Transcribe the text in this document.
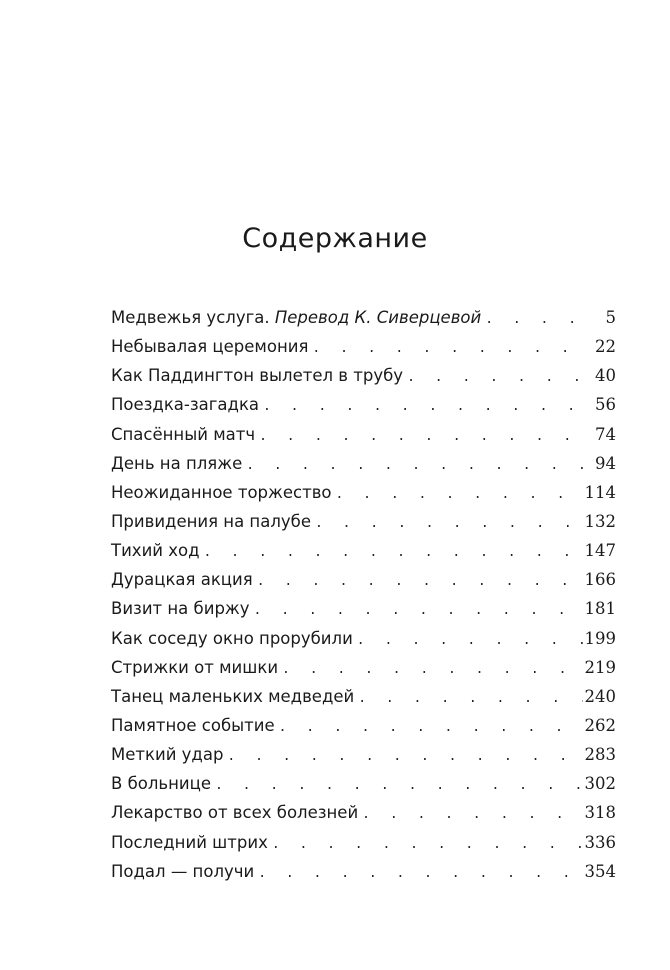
Содержание
Медвежья услуга. Перевод К. Сиверцевой . . .	5
Небывалая церемония . . .	22
Как Паддингтон вылетел в трубу . . .	40
Поездка-загадка . . .	56
Спасённый матч . . .	74
День на пляже . . .	94
Неожиданное торжество . . .	114
Привидения на палубе . . .	132
Тихий ход . . .	147
Дурацкая акция . . .	166
Визит на биржу . . .	181
Как соседу окно прорубили . . .	199
Стрижки от мишки . . .	219
Танец маленьких медведей . . .	240
Памятное событие . . .	262
Меткий удар . . .	283
В больнице . . .	302
Лекарство от всех болезней . . .	318
Последний штрих . . .	336
Подал — получи . . .	354
